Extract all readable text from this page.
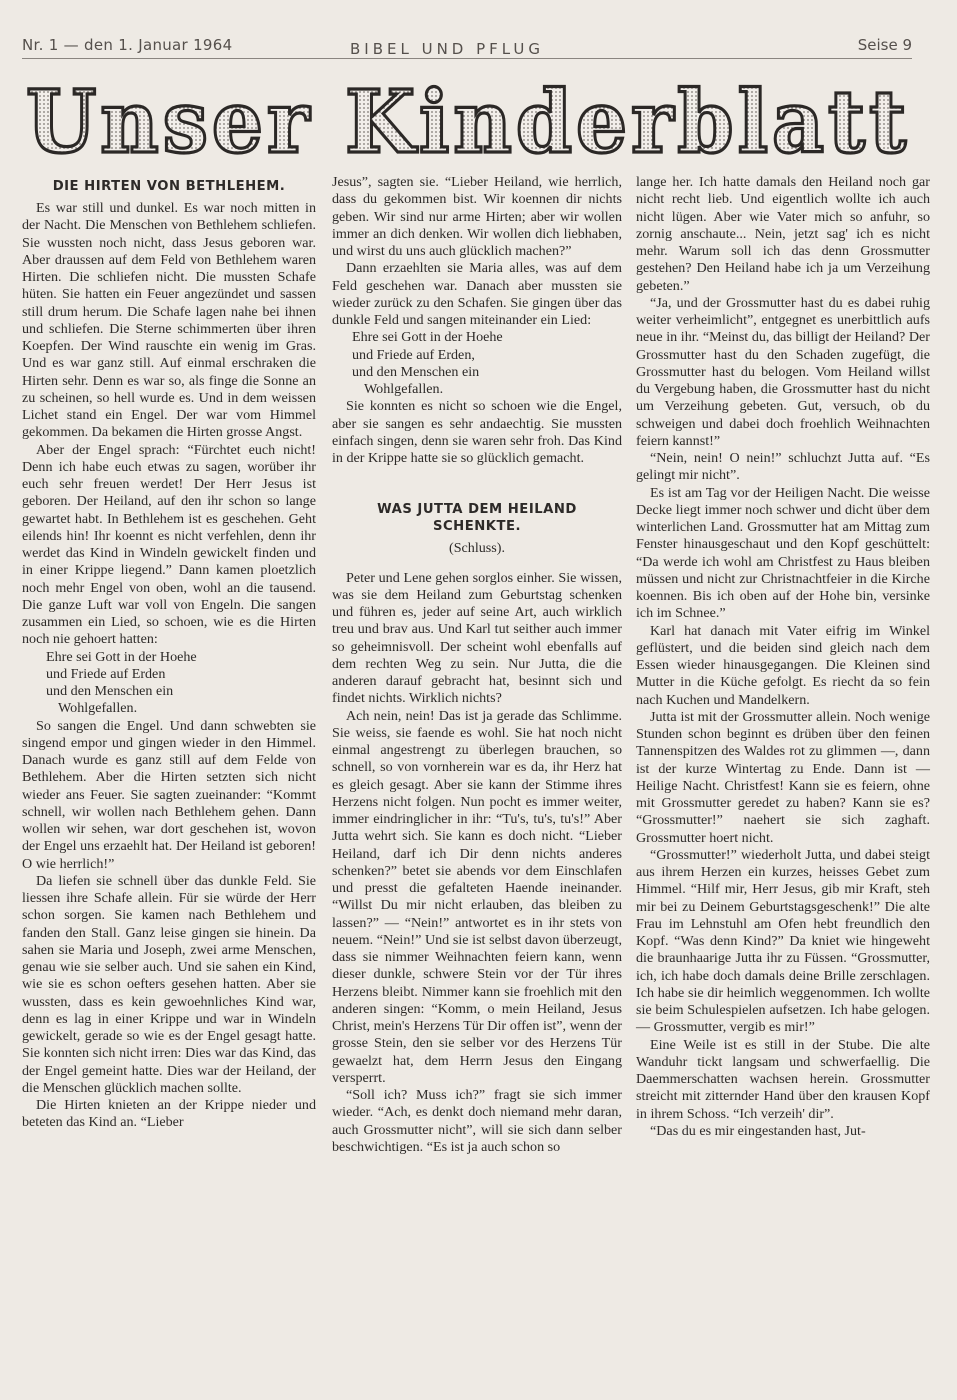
Nr. 1 — den 1. Januar 1964	BIBEL UND PFLUG	Seise 9
Unser Kinderblatt
DIE HIRTEN VON BETHLEHEM.

Es war still und dunkel. Es war noch mitten in der Nacht. Die Menschen von Bethlehem schliefen. Sie wussten noch nicht, dass Jesus geboren war. Aber draussen auf dem Feld von Bethlehem waren Hirten. Die schliefen nicht. Die mussten Schafe hüten. Sie hatten ein Feuer angezündet und sassen still drum herum. Die Schafe lagen nahe bei ihnen und schliefen. Die Sterne schimmerten über ihren Koepfen. Der Wind rauschte ein wenig im Gras. Und es war ganz still. Auf einmal erschraken die Hirten sehr. Denn es war so, als finge die Sonne an zu scheinen, so hell wurde es. Und in dem weissen Lichet stand ein Engel. Der war vom Himmel gekommen. Da bekamen die Hirten grosse Angst.

Aber der Engel sprach: “Fürchtet euch nicht! Denn ich habe euch etwas zu sagen, worüber ihr euch sehr freuen werdet! Der Herr Jesus ist geboren. Der Heiland, auf den ihr schon so lange gewartet habt. In Bethlehem ist es geschehen. Geht eilends hin! Ihr koennt es nicht verfehlen, denn ihr werdet das Kind in Windeln gewickelt finden und in einer Krippe liegend.” Dann kamen ploetzlich noch mehr Engel von oben, wohl an die tausend. Die ganze Luft war voll von Engeln. Die sangen zusammen ein Lied, so schoen, wie es die Hirten noch nie gehoert hatten:

Ehre sei Gott in der Hoehe
und Friede auf Erden
und den Menschen ein
Wohlgefallen.

So sangen die Engel. Und dann schwebten sie singend empor und gingen wieder in den Himmel. Danach wurde es ganz still auf dem Felde von Bethlehem. Aber die Hirten setzten sich nicht wieder ans Feuer. Sie sagten zueinander: “Kommt schnell, wir wollen nach Bethlehem gehen. Dann wollen wir sehen, war dort geschehen ist, wovon der Engel uns erzaehlt hat. Der Heiland ist geboren! O wie herrlich!”

Da liefen sie schnell über das dunkle Feld. Sie liessen ihre Schafe allein. Für sie würde der Herr schon sorgen. Sie kamen nach Bethlehem und fanden den Stall. Ganz leise gingen sie hinein. Da sahen sie Maria und Joseph, zwei arme Menschen, genau wie sie selber auch. Und sie sahen ein Kind, wie sie es schon oefters gesehen hatten. Aber sie wussten, dass es kein gewoehnliches Kind war, denn es lag in einer Krippe und war in Windeln gewickelt, gerade so wie es der Engel gesagt hatte. Sie konnten sich nicht irren: Dies war das Kind, das der Engel gemeint hatte. Dies war der Heiland, der die Menschen glücklich machen sollte.

Die Hirten knieten an der Krippe nieder und beteten das Kind an. “Lieber

Jesus”, sagten sie. “Lieber Heiland, wie herrlich, dass du gekommen bist. Wir koennen dir nichts geben. Wir sind nur arme Hirten; aber wir wollen immer an dich denken. Wir wollen dich liebhaben, und wirst du uns auch glücklich machen?”

Dann erzaehlten sie Maria alles, was auf dem Feld geschehen war. Danach aber mussten sie wieder zurück zu den Schafen. Sie gingen über das dunkle Feld und sangen miteinander ein Lied:

Ehre sei Gott in der Hoehe
und Friede auf Erden,
und den Menschen ein
Wohlgefallen.

Sie konnten es nicht so schoen wie die Engel, aber sie sangen es sehr andaechtig. Sie mussten einfach singen, denn sie waren sehr froh. Das Kind in der Krippe hatte sie so glücklich gemacht.

WAS JUTTA DEM HEILAND
SCHENKTE.

(Schluss).

Peter und Lene gehen sorglos einher. Sie wissen, was sie dem Heiland zum Geburtstag schenken und führen es, jeder auf seine Art, auch wirklich treu und brav aus. Und Karl tut seither auch immer so geheimnisvoll. Der scheint wohl ebenfalls auf dem rechten Weg zu sein. Nur Jutta, die die anderen darauf gebracht hat, besinnt sich und findet nichts. Wirklich nichts?

Ach nein, nein! Das ist ja gerade das Schlimme. Sie weiss, sie faende es wohl. Sie hat noch nicht einmal angestrengt zu überlegen brauchen, so schnell, so von vornherein war es da, ihr Herz hat es gleich gesagt. Aber sie kann der Stimme ihres Herzens nicht folgen. Nun pocht es immer weiter, immer eindringlicher in ihr: “Tu's, tu's, tu's!” Aber Jutta wehrt sich. Sie kann es doch nicht. “Lieber Heiland, darf ich Dir denn nichts anderes schenken?” betet sie abends vor dem Einschlafen und presst die gefalteten Haende ineinander. “Willst Du mir nicht erlauben, das bleiben zu lassen?” — “Nein!” antwortet es in ihr stets von neuem. “Nein!” Und sie ist selbst davon überzeugt, dass sie nimmer Weihnachten feiern kann, wenn dieser dunkle, schwere Stein vor der Tür ihres Herzens bleibt. Nimmer kann sie froehlich mit den anderen singen: “Komm, o mein Heiland, Jesus Christ, mein's Herzens Tür Dir offen ist”, wenn der grosse Stein, den sie selber vor des Herzens Tür gewaelzt hat, dem Herrn Jesus den Eingang versperrt.

“Soll ich? Muss ich?” fragt sie sich immer wieder. “Ach, es denkt doch niemand mehr daran, auch Grossmutter nicht”, will sie sich dann selber beschwichtigen. “Es ist ja auch schon so

lange her. Ich hatte damals den Heiland noch gar nicht recht lieb. Und eigentlich wollte ich auch nicht lügen. Aber wie Vater mich so anfuhr, so zornig anschaute... Nein, jetzt sag' ich es nicht mehr. Warum soll ich das denn Grossmutter gestehen? Den Heiland habe ich ja um Verzeihung gebeten.”

“Ja, und der Grossmutter hast du es dabei ruhig weiter verheimlicht”, entgegnet es unerbittlich aufs neue in ihr. “Meinst du, das billigt der Heiland? Der Grossmutter hast du den Schaden zugefügt, die Grossmutter hast du belogen. Vom Heiland willst du Vergebung haben, die Grossmutter hast du nicht um Verzeihung gebeten. Gut, versuch, ob du schweigen und dabei doch froehlich Weihnachten feiern kannst!”

“Nein, nein! O nein!” schluchzt Jutta auf. “Es gelingt mir nicht”.

Es ist am Tag vor der Heiligen Nacht. Die weisse Decke liegt immer noch schwer und dicht über dem winterlichen Land. Grossmutter hat am Mittag zum Fenster hinausgeschaut und den Kopf geschüttelt: “Da werde ich wohl am Christfest zu Haus bleiben müssen und nicht zur Christnachtfeier in die Kirche koennen. Bis ich oben auf der Hohe bin, versinke ich im Schnee.”

Karl hat danach mit Vater eifrig im Winkel geflüstert, und die beiden sind gleich nach dem Essen wieder hinausgegangen. Die Kleinen sind Mutter in die Küche gefolgt. Es riecht da so fein nach Kuchen und Mandelkern.

Jutta ist mit der Grossmutter allein. Noch wenige Stunden schon beginnt es drüben über den feinen Tannenspitzen des Waldes rot zu glimmen —, dann ist der kurze Wintertag zu Ende. Dann ist — Heilige Nacht. Christfest! Kann sie es feiern, ohne mit Grossmutter geredet zu haben? Kann sie es? “Grossmutter!” naehert sie sich zaghaft. Grossmutter hoert nicht.

“Grossmutter!” wiederholt Jutta, und dabei steigt aus ihrem Herzen ein kurzes, heisses Gebet zum Himmel. “Hilf mir, Herr Jesus, gib mir Kraft, steh mir bei zu Deinem Geburtstagsgeschenk!” Die alte Frau im Lehnstuhl am Ofen hebt freundlich den Kopf. “Was denn Kind?” Da kniet wie hingeweht die braunhaarige Jutta ihr zu Füssen. “Grossmutter, ich, ich habe doch damals deine Brille zerschlagen. Ich habe sie dir heimlich weggenommen. Ich wollte sie beim Schulespielen aufsetzen. Ich habe gelogen. — Grossmutter, vergib es mir!”

Eine Weile ist es still in der Stube. Die alte Wanduhr tickt langsam und schwerfaellig. Die Daemmerschatten wachsen herein. Grossmutter streicht mit zitternder Hand über den krausen Kopf in ihrem Schoss. “Ich verzeih' dir”.

“Das du es mir eingestanden hast, Jut-
